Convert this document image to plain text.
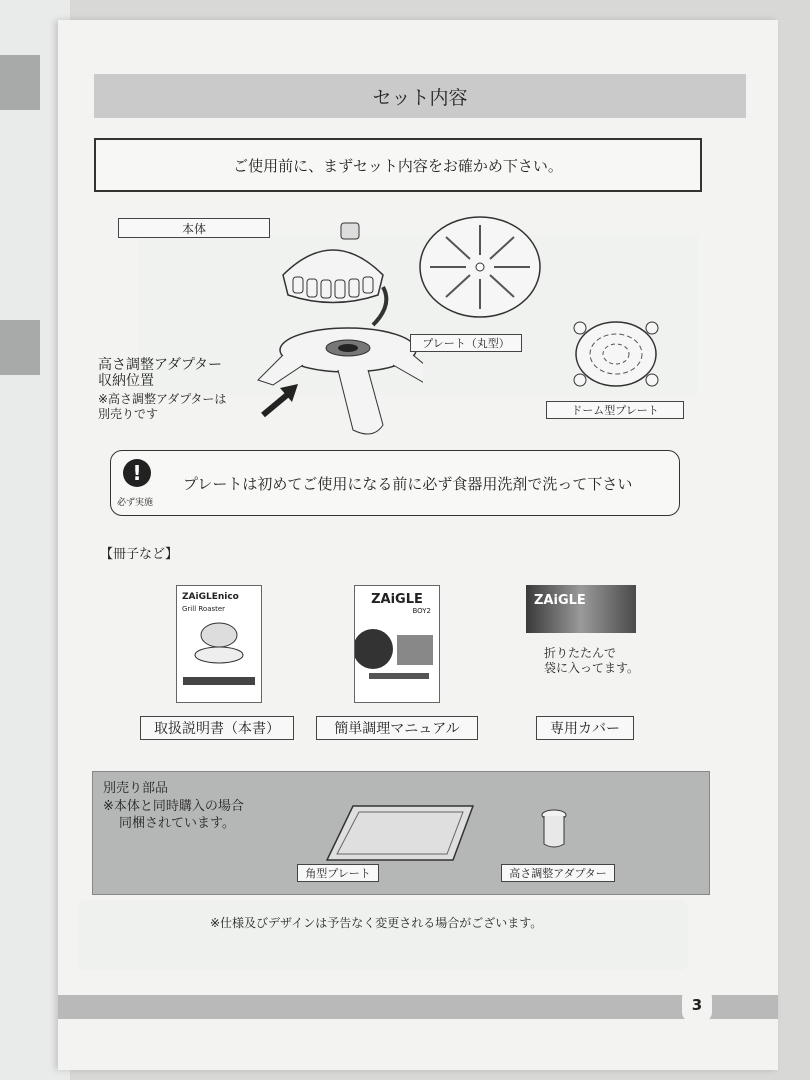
セット内容
ご使用前に、まずセット内容をお確かめ下さい。
本体
高さ調整アダプター
収納位置
※高さ調整アダプターは
別売りです
プレート（丸型）
ドーム型プレート
!
必ず実施
プレートは初めてご使用になる前に必ず食器用洗剤で洗って下さい
【冊子など】
ZAiGLEnico
Grill Roaster
取扱説明書（本書）
ZAiGLE
BOY2
簡単調理マニュアル
ZAiGLE
折りたたんで
袋に入ってます。
専用カバー
別売り部品
※本体と同時購入の場合
同梱されています。
角型プレート	高さ調整アダプター
※仕様及びデザインは予告なく変更される場合がございます。
3
